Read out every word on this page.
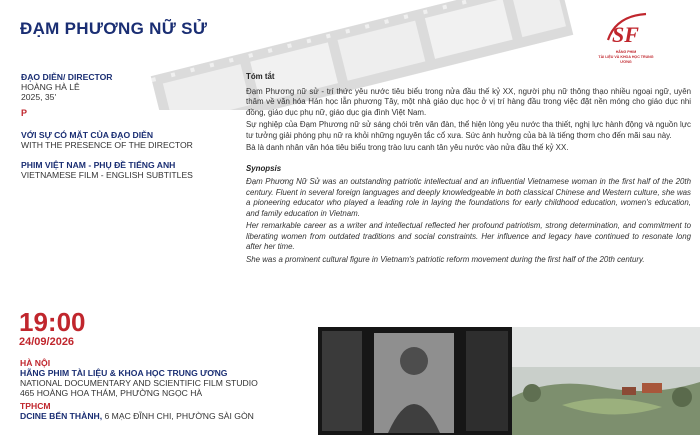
ĐẠM PHƯƠNG NỮ SỬ	SF
HÃNG PHIM
TÀI LIỆU VÀ KHOA HỌC TRUNG ƯƠNG
ĐẠO DIỄN/ DIRECTOR
HOÀNG HÀ LÊ
2025, 35'
P
VỚI SỰ CÓ MẶT CỦA ĐẠO DIỄN
WITH THE PRESENCE OF THE DIRECTOR
PHIM VIỆT NAM - PHỤ ĐỀ TIẾNG ANH
VIETNAMESE FILM - ENGLISH SUBTITLES
Tóm tắt

Đạm Phương nữ sử - trí thức yêu nước tiêu biểu trong nửa đầu thế kỷ XX, người phụ nữ thông thạo nhiều ngoại ngữ, uyên thâm về văn hóa Hán học lẫn phương Tây, một nhà giáo dục học ở vị trí hàng đầu trong việc đặt nền móng cho giáo dục nhi đồng, giáo dục phụ nữ, giáo dục gia đình Việt Nam.

Sự nghiệp của Đạm Phương nữ sử sáng chói trên văn đàn, thể hiện lòng yêu nước tha thiết, nghị lực hành động và nguồn lực tư tưởng giải phóng phụ nữ ra khỏi những nguyên tắc cổ xưa. Sức ảnh hưởng của bà là tiếng thơm cho đến mãi sau này.

Bà là danh nhân văn hóa tiêu biểu trong trào lưu canh tân yêu nước vào nửa đầu thế kỷ XX.

Synopsis

Đạm Phương Nữ Sử was an outstanding patriotic intellectual and an influential Vietnamese woman in the first half of the 20th century. Fluent in several foreign languages and deeply knowledgeable in both classical Chinese and Western culture, she was a pioneering educator who played a leading role in laying the foundations for early childhood education, women's education, and family education in Vietnam.

Her remarkable career as a writer and intellectual reflected her profound patriotism, strong determination, and commitment to liberating women from outdated traditions and social constraints. Her influence and legacy have continued to resonate long after her time.

She was a prominent cultural figure in Vietnam's patriotic reform movement during the first half of the 20th century.

19:00
24/09/2026
HÀ NỘI
HÃNG PHIM TÀI LIỆU & KHOA HỌC TRUNG ƯƠNG
NATIONAL DOCUMENTARY AND SCIENTIFIC FILM STUDIO
465 HOÀNG HOA THÁM, PHƯỜNG NGỌC HÀ
TPHCM
DCINE BẾN THÀNH, 6 MẠC ĐĨNH CHI, PHƯỜNG SÀI GÒN
